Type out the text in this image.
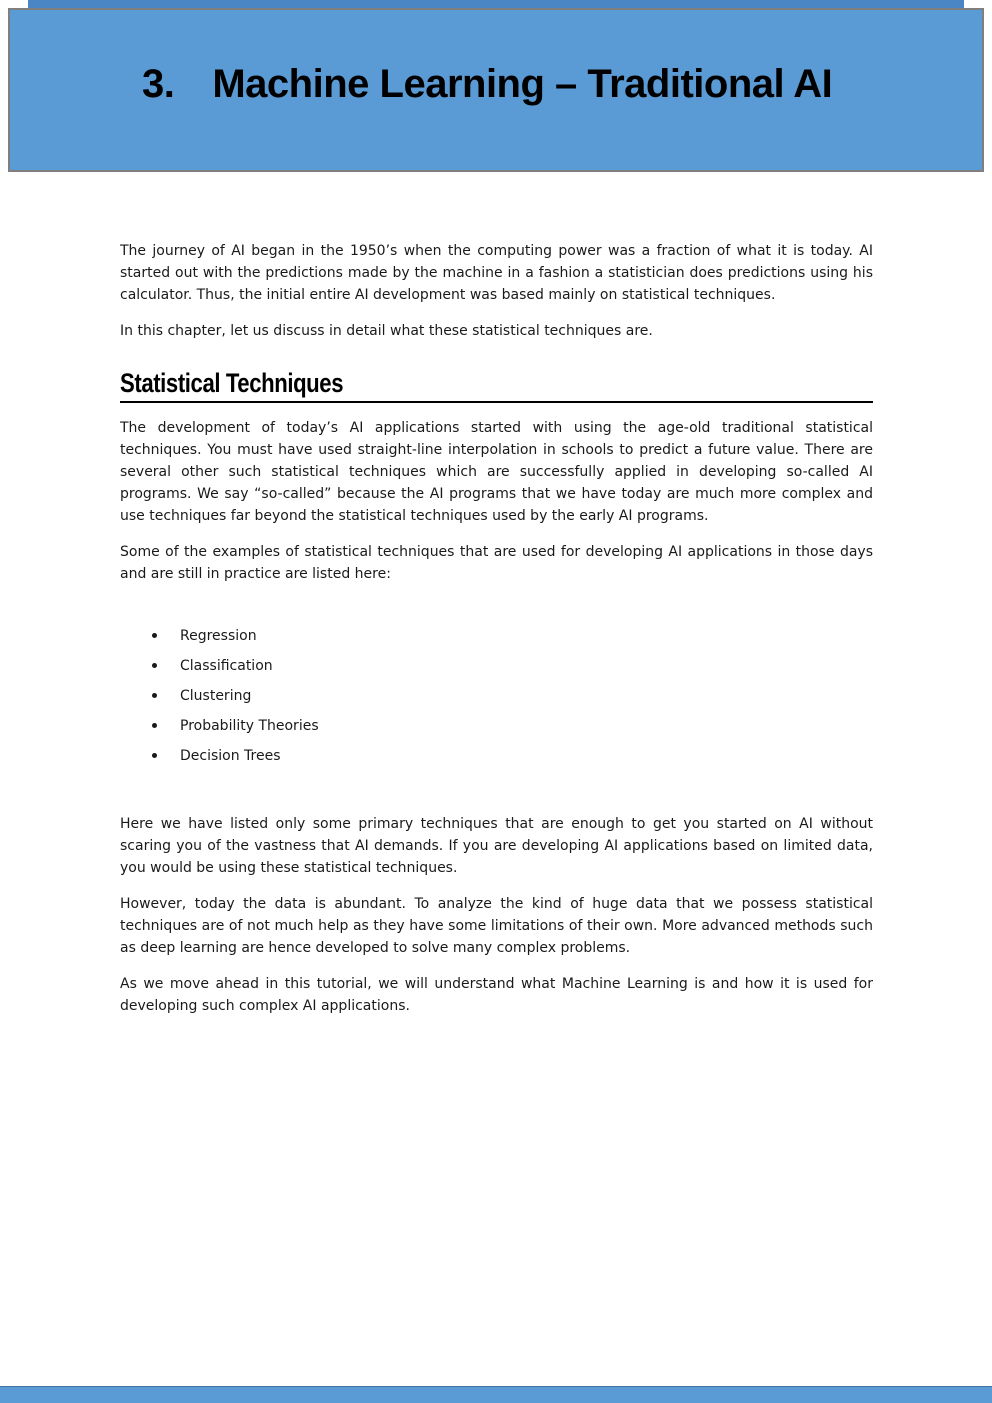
3. Machine Learning – Traditional AI

The journey of AI began in the 1950’s when the computing power was a fraction of what it is today. AI started out with the predictions made by the machine in a fashion a statistician does predictions using his calculator. Thus, the initial entire AI development was based mainly on statistical techniques.

In this chapter, let us discuss in detail what these statistical techniques are.

Statistical Techniques

The development of today’s AI applications started with using the age-old traditional statistical techniques. You must have used straight-line interpolation in schools to predict a future value. There are several other such statistical techniques which are successfully applied in developing so-called AI programs. We say “so-called” because the AI programs that we have today are much more complex and use techniques far beyond the statistical techniques used by the early AI programs.

Some of the examples of statistical techniques that are used for developing AI applications in those days and are still in practice are listed here:

Regression
Classification
Clustering
Probability Theories
Decision Trees

Here we have listed only some primary techniques that are enough to get you started on AI without scaring you of the vastness that AI demands. If you are developing AI applications based on limited data, you would be using these statistical techniques.

However, today the data is abundant. To analyze the kind of huge data that we possess statistical techniques are of not much help as they have some limitations of their own. More advanced methods such as deep learning are hence developed to solve many complex problems.

As we move ahead in this tutorial, we will understand what Machine Learning is and how it is used for developing such complex AI applications.
